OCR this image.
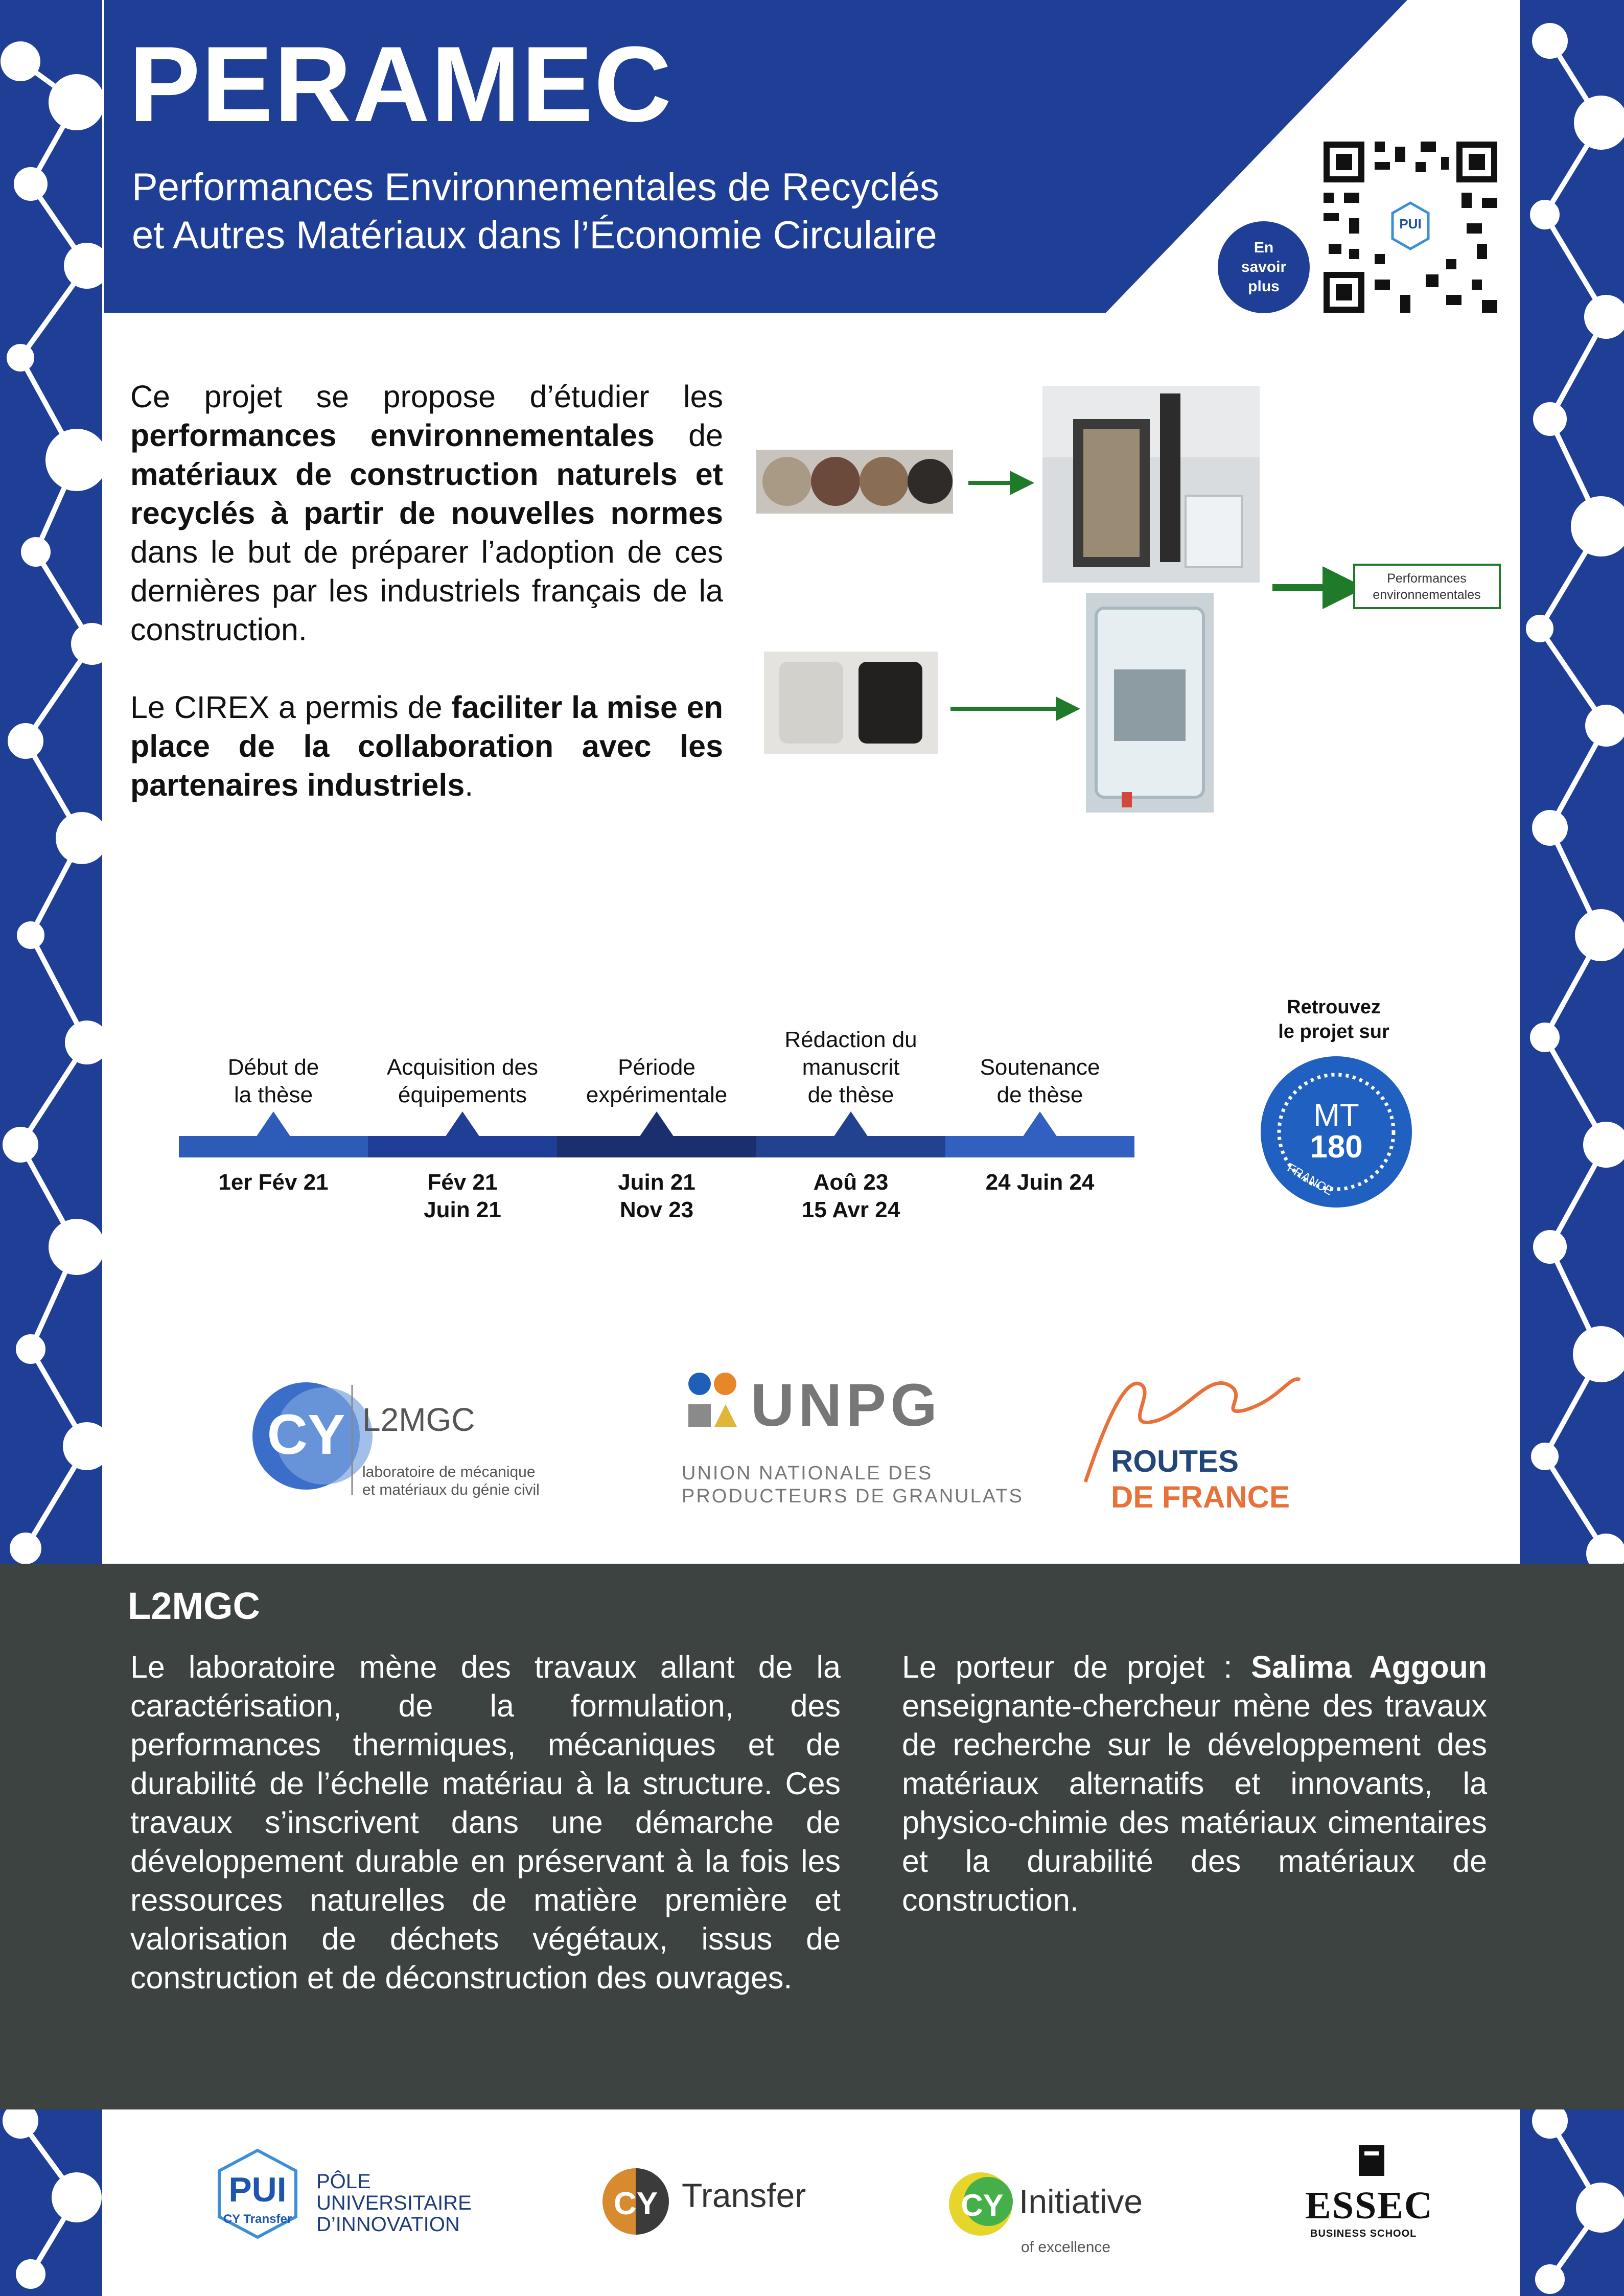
PERAMEC
Performances Environnementales de Recyclés
et Autres Matériaux dans l’Économie Circulaire	En
savoir
plus
PUI

Ce projet se propose d’étudier les performances environnementales de matériaux de construction naturels et recyclés à partir de nouvelles normes dans le but de préparer l’adoption de ces dernières par les industriels français de la construction.

Le CIREX a permis de faciliter la mise en place de la collaboration avec les partenaires industriels.

Performances
environnementales
Début de
la thèse
1er Fév 21
Acquisition des
équipements
Fév 21
Juin 21
Période
expérimentale
Juin 21
Nov 23
Rédaction du
manuscrit
de thèse
Aoû 23
15 Avr 24
Soutenance
de thèse
24 Juin 24
Retrouvez
le projet sur
MT
180
FRANCE
CY L2MGC
laboratoire de mécanique
et matériaux du génie civil
UNPG
UNION NATIONALE DES
PRODUCTEURS DE GRANULATS
ROUTES
DE FRANCE
L2MGC
Le laboratoire mène des travaux allant de la caractérisation, de la formulation, des performances thermiques, mécaniques et de durabilité de l’échelle matériau à la structure. Ces travaux s’inscrivent dans une démarche de développement durable en préservant à la fois les ressources naturelles de matière première et valorisation de déchets végétaux, issus de construction et de déconstruction des ouvrages.
Le porteur de projet : Salima Aggoun enseignante-chercheur mène des travaux de recherche sur le développement des matériaux alternatifs et innovants, la physico-chimie des matériaux cimentaires et la durabilité des matériaux de construction.
PUI
CY Transfer	CY	CY
PÔLE
UNIVERSITAIRE
D’INNOVATION
Transfer	Initiative
of excellence
ESSEC
BUSINESS SCHOOL
